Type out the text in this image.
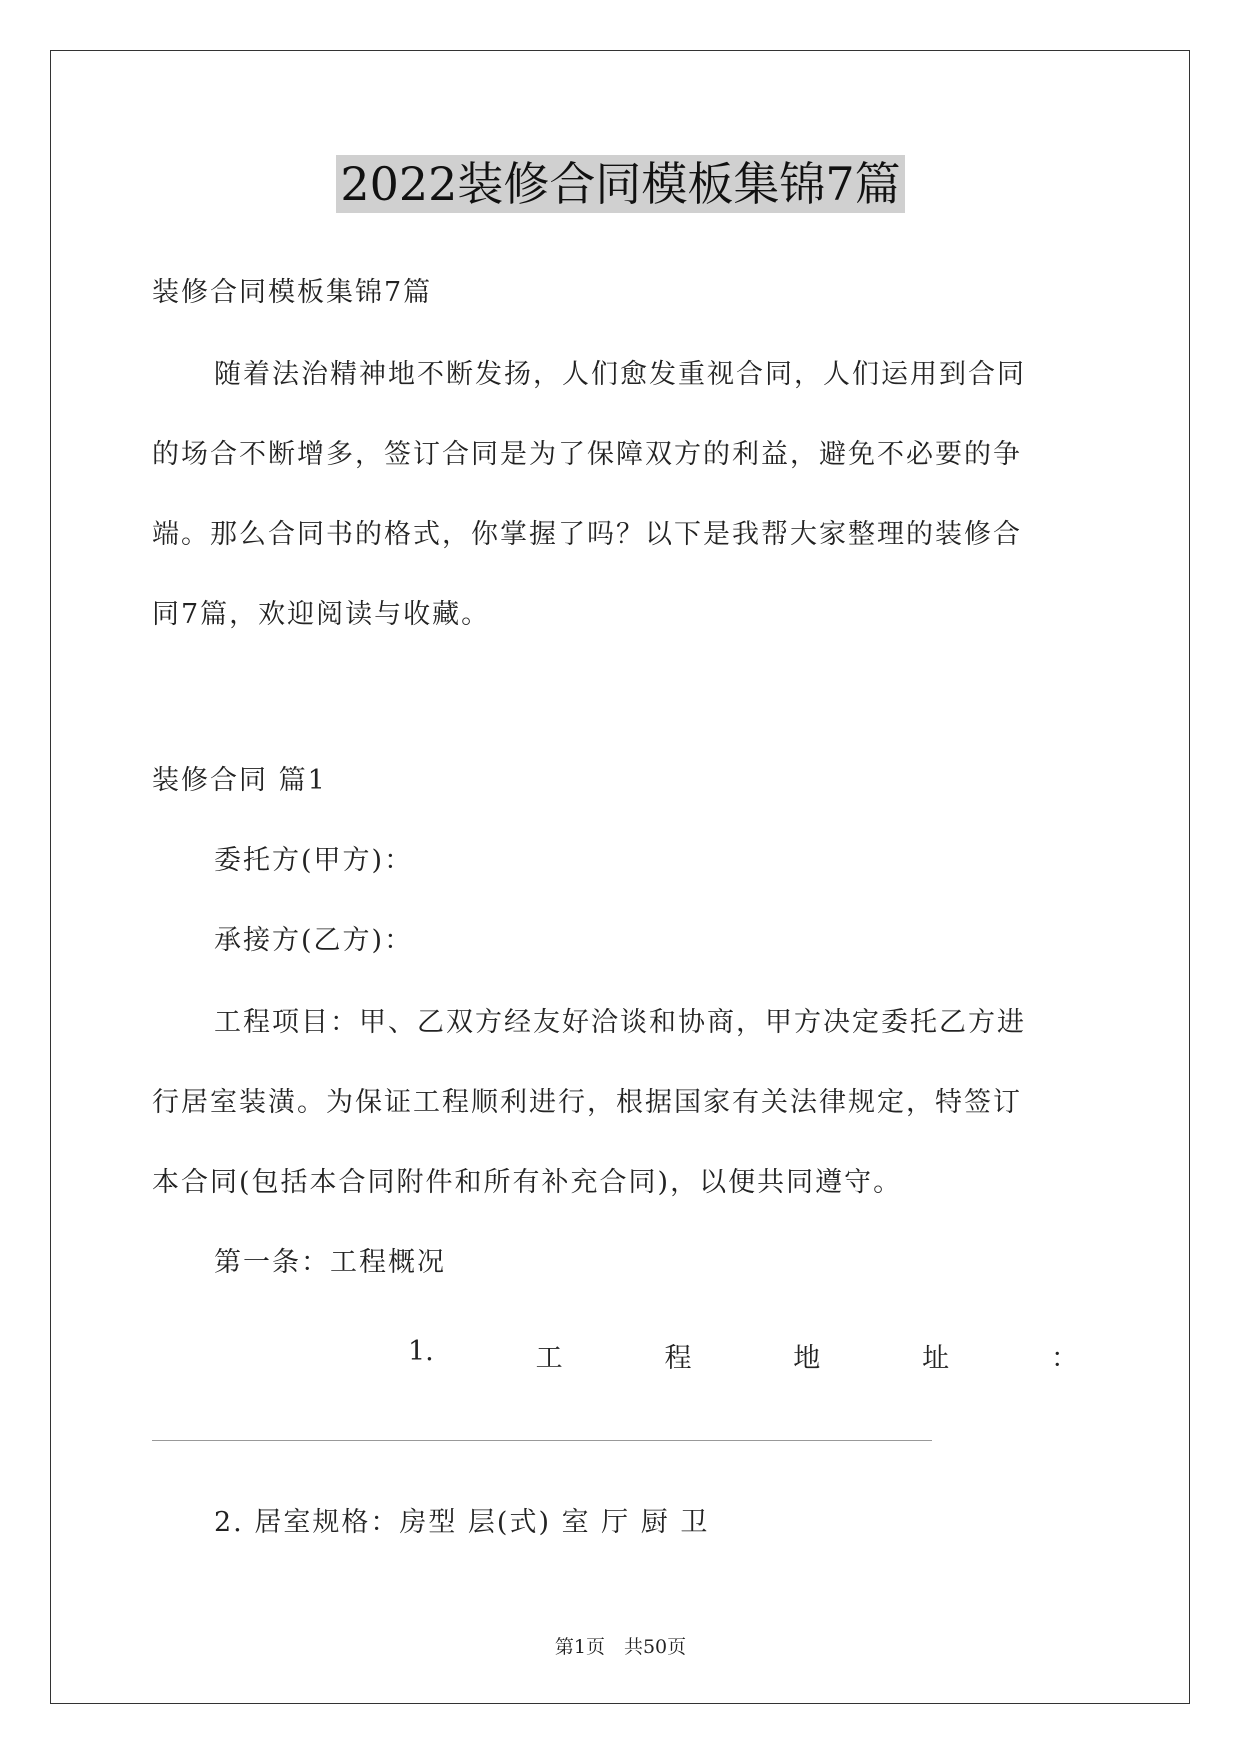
2022装修合同模板集锦7篇
装修合同模板集锦7篇
随着法治精神地不断发扬，人们愈发重视合同，人们运用到合同
的场合不断增多，签订合同是为了保障双方的利益，避免不必要的争
端。那么合同书的格式，你掌握了吗？以下是我帮大家整理的装修合
同7篇，欢迎阅读与收藏。
装修合同 篇1
委托方(甲方)：
承接方(乙方)：
工程项目：甲、乙双方经友好洽谈和协商，甲方决定委托乙方进
行居室装潢。为保证工程顺利进行，根据国家有关法律规定，特签订
本合同(包括本合同附件和所有补充合同)，以便共同遵守。
第一条：工程概况
1.	工	程	地	址	：
2. 居室规格：房型 层(式) 室 厅 厨 卫
第1页　共50页
